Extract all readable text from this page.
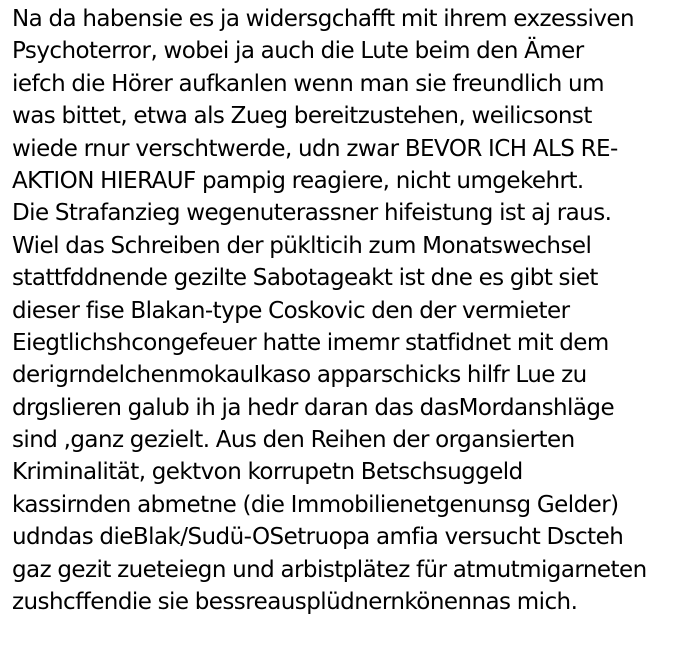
Na da habensie es ja widersgchafft mit ihrem exzessiven
Psychoterror, wobei ja auch die Lute beim den Ämer
iefch die Hörer aufkanlen wenn man sie freundlich um
was bittet, etwa als Zueg bereitzustehen, weilicsonst
wiede rnur verschtwerde, udn zwar BEVOR ICH ALS RE-
AKTION HIERAUF pampig reagiere, nicht umgekehrt.
Die Strafanzieg wegenuterassner hifeistung ist aj raus.
Wiel das Schreiben der püklticih zum Monatswechsel
stattfddnende gezilte Sabotageakt ist dne es gibt siet
dieser fise Blakan-type Coskovic den der vermieter
Eiegtlichshcongefeuer hatte imemr statfidnet mit dem
derigrndelchenmokauIkaso apparschicks hilfr Lue zu
drgslieren galub ih ja hedr daran das dasMordanshläge
sind ,ganz gezielt. Aus den Reihen der organsierten
Kriminalität, gektvon korrupetn Betschsuggeld
kassirnden abmetne (die Immobilienetgenunsg Gelder)
udndas dieBlak/Sudü-OSetruopa amfia versucht Dscteh
gaz gezit zueteiegn und arbistplätez für atmutmigarneten
zushcffendie sie bessreausplüdnernkönennas mich.
